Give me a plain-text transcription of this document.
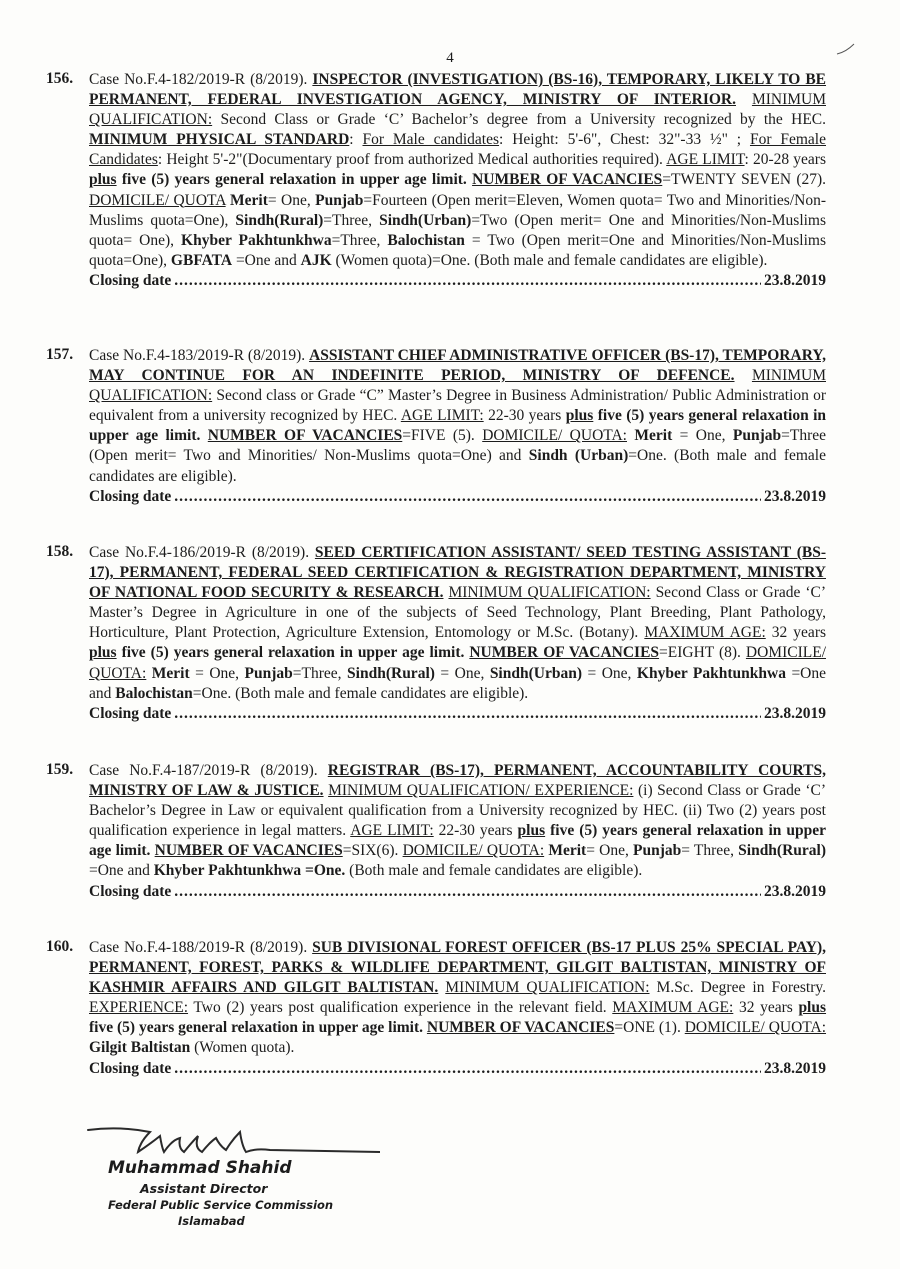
4
156. Case No.F.4-182/2019-R (8/2019). INSPECTOR (INVESTIGATION) (BS-16), TEMPORARY, LIKELY TO BE PERMANENT, FEDERAL INVESTIGATION AGENCY, MINISTRY OF INTERIOR. MINIMUM QUALIFICATION: Second Class or Grade ‘C’ Bachelor’s degree from a University recognized by the HEC. MINIMUM PHYSICAL STANDARD: For Male candidates: Height: 5'-6", Chest: 32"-33 ½" ; For Female Candidates: Height 5'-2"(Documentary proof from authorized Medical authorities required). AGE LIMIT: 20-28 years plus five (5) years general relaxation in upper age limit. NUMBER OF VACANCIES=TWENTY SEVEN (27). DOMICILE/ QUOTA Merit= One, Punjab=Fourteen (Open merit=Eleven, Women quota= Two and Minorities/Non-Muslims quota=One), Sindh(Rural)=Three, Sindh(Urban)=Two (Open merit= One and Minorities/Non-Muslims quota= One), Khyber Pakhtunkhwa=Three, Balochistan = Two (Open merit=One and Minorities/Non-Muslims quota=One), GBFATA =One and AJK (Women quota)=One. (Both male and female candidates are eligible).
Closing date .....	23.8.2019
157. Case No.F.4-183/2019-R (8/2019). ASSISTANT CHIEF ADMINISTRATIVE OFFICER (BS-17), TEMPORARY, MAY CONTINUE FOR AN INDEFINITE PERIOD, MINISTRY OF DEFENCE. MINIMUM QUALIFICATION: Second class or Grade “C” Master’s Degree in Business Administration/ Public Administration or equivalent from a university recognized by HEC. AGE LIMIT: 22-30 years plus five (5) years general relaxation in upper age limit. NUMBER OF VACANCIES=FIVE (5). DOMICILE/ QUOTA: Merit = One, Punjab=Three (Open merit= Two and Minorities/ Non-Muslims quota=One) and Sindh (Urban)=One. (Both male and female candidates are eligible).
Closing date .....	23.8.2019
158. Case No.F.4-186/2019-R (8/2019). SEED CERTIFICATION ASSISTANT/ SEED TESTING ASSISTANT (BS-17), PERMANENT, FEDERAL SEED CERTIFICATION & REGISTRATION DEPARTMENT, MINISTRY OF NATIONAL FOOD SECURITY & RESEARCH. MINIMUM QUALIFICATION: Second Class or Grade ‘C’ Master’s Degree in Agriculture in one of the subjects of Seed Technology, Plant Breeding, Plant Pathology, Horticulture, Plant Protection, Agriculture Extension, Entomology or M.Sc. (Botany). MAXIMUM AGE: 32 years plus five (5) years general relaxation in upper age limit. NUMBER OF VACANCIES=EIGHT (8). DOMICILE/ QUOTA: Merit = One, Punjab=Three, Sindh(Rural) = One, Sindh(Urban) = One, Khyber Pakhtunkhwa =One and Balochistan=One. (Both male and female candidates are eligible).
Closing date .....	23.8.2019
159. Case No.F.4-187/2019-R (8/2019). REGISTRAR (BS-17), PERMANENT, ACCOUNTABILITY COURTS, MINISTRY OF LAW & JUSTICE. MINIMUM QUALIFICATION/ EXPERIENCE: (i) Second Class or Grade ‘C’ Bachelor’s Degree in Law or equivalent qualification from a University recognized by HEC. (ii) Two (2) years post qualification experience in legal matters. AGE LIMIT: 22-30 years plus five (5) years general relaxation in upper age limit. NUMBER OF VACANCIES=SIX(6). DOMICILE/ QUOTA: Merit= One, Punjab= Three, Sindh(Rural) =One and Khyber Pakhtunkhwa =One. (Both male and female candidates are eligible).
Closing date .....	23.8.2019
160. Case No.F.4-188/2019-R (8/2019). SUB DIVISIONAL FOREST OFFICER (BS-17 PLUS 25% SPECIAL PAY), PERMANENT, FOREST, PARKS & WILDLIFE DEPARTMENT, GILGIT BALTISTAN, MINISTRY OF KASHMIR AFFAIRS AND GILGIT BALTISTAN. MINIMUM QUALIFICATION: M.Sc. Degree in Forestry. EXPERIENCE: Two (2) years post qualification experience in the relevant field. MAXIMUM AGE: 32 years plus five (5) years general relaxation in upper age limit. NUMBER OF VACANCIES=ONE (1). DOMICILE/ QUOTA: Gilgit Baltistan (Women quota).
Closing date .....	23.8.2019
Muhammad Shahid
Assistant Director
Federal Public Service Commission
Islamabad
